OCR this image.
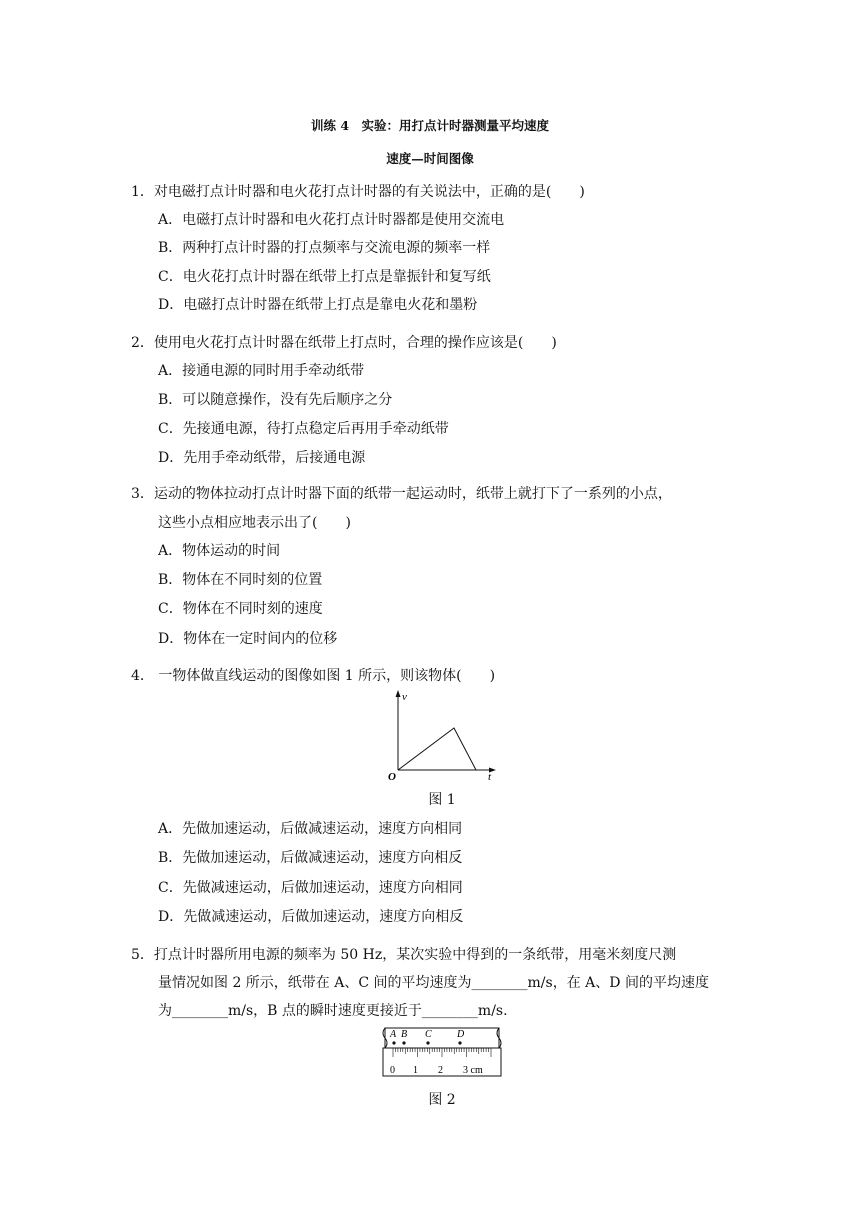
训练 4　实验：用打点计时器测量平均速度
速度—时间图像
1．对电磁打点计时器和电火花打点计时器的有关说法中，正确的是(　　)
A．电磁打点计时器和电火花打点计时器都是使用交流电
B．两种打点计时器的打点频率与交流电源的频率一样
C．电火花打点计时器在纸带上打点是靠振针和复写纸
D．电磁打点计时器在纸带上打点是靠电火花和墨粉
2．使用电火花打点计时器在纸带上打点时，合理的操作应该是(　　)
A．接通电源的同时用手牵动纸带
B．可以随意操作，没有先后顺序之分
C．先接通电源，待打点稳定后再用手牵动纸带
D．先用手牵动纸带，后接通电源
3．运动的物体拉动打点计时器下面的纸带一起运动时，纸带上就打下了一系列的小点，
这些小点相应地表示出了(　　)
A．物体运动的时间
B．物体在不同时刻的位置
C．物体在不同时刻的速度
D．物体在一定时间内的位移
4.　一物体做直线运动的图像如图 1 所示，则该物体(　　)
v
t
O
图 1
A．先做加速运动，后做减速运动，速度方向相同
B．先做加速运动，后做减速运动，速度方向相反
C．先做减速运动，后做加速运动，速度方向相同
D．先做减速运动，后做加速运动，速度方向相反
5．打点计时器所用电源的频率为 50 Hz，某次实验中得到的一条纸带，用毫米刻度尺测
量情况如图 2 所示，纸带在 A、C 间的平均速度为________m/s，在 A、D 间的平均速度
为________m/s，B 点的瞬时速度更接近于________m/s.
A B C	D
0 1 2 3 cm
图 2
